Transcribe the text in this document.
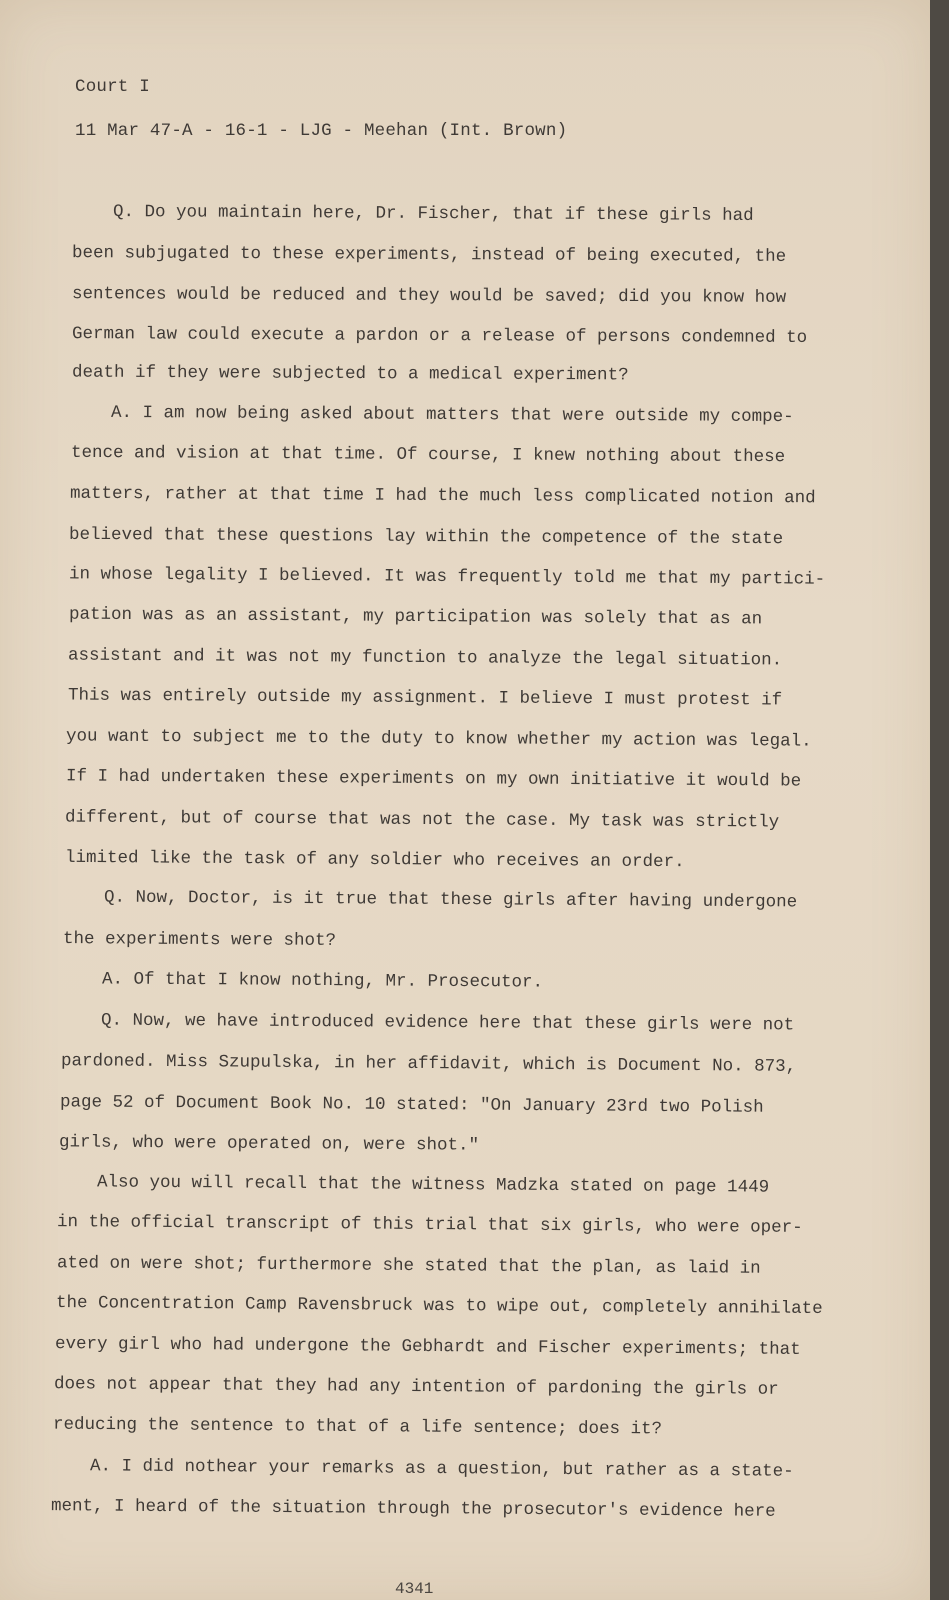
Court I
11 Mar 47-A - 16-1 - LJG - Meehan (Int. Brown)
Q. Do you maintain here, Dr. Fischer, that if these girls had
been subjugated to these experiments, instead of being executed, the
sentences would be reduced and they would be saved; did you know how
German law could execute a pardon or a release of persons condemned to
death if they were subjected to a medical experiment?
A. I am now being asked about matters that were outside my compe-
tence and vision at that time. Of course, I knew nothing about these
matters, rather at that time I had the much less complicated notion and
believed that these questions lay within the competence of the state
in whose legality I believed. It was frequently told me that my partici-
pation was as an assistant, my participation was solely that as an
assistant and it was not my function to analyze the legal situation.
This was entirely outside my assignment. I believe I must protest if
you want to subject me to the duty to know whether my action was legal.
If I had undertaken these experiments on my own initiative it would be
different, but of course that was not the case. My task was strictly
limited like the task of any soldier who receives an order.
Q. Now, Doctor, is it true that these girls after having undergone
the experiments were shot?
A. Of that I know nothing, Mr. Prosecutor.
Q. Now, we have introduced evidence here that these girls were not
pardoned. Miss Szupulska, in her affidavit, which is Document No. 873,
page 52 of Document Book No. 10 stated: "On January 23rd two Polish
girls, who were operated on, were shot."
Also you will recall that the witness Madzka stated on page 1449
in the official transcript of this trial that six girls, who were oper-
ated on were shot; furthermore she stated that the plan, as laid in
the Concentration Camp Ravensbruck was to wipe out, completely annihilate
every girl who had undergone the Gebhardt and Fischer experiments; that
does not appear that they had any intention of pardoning the girls or
reducing the sentence to that of a life sentence; does it?
A. I did nothear your remarks as a question, but rather as a state-
ment, I heard of the situation through the prosecutor's evidence here
4341
